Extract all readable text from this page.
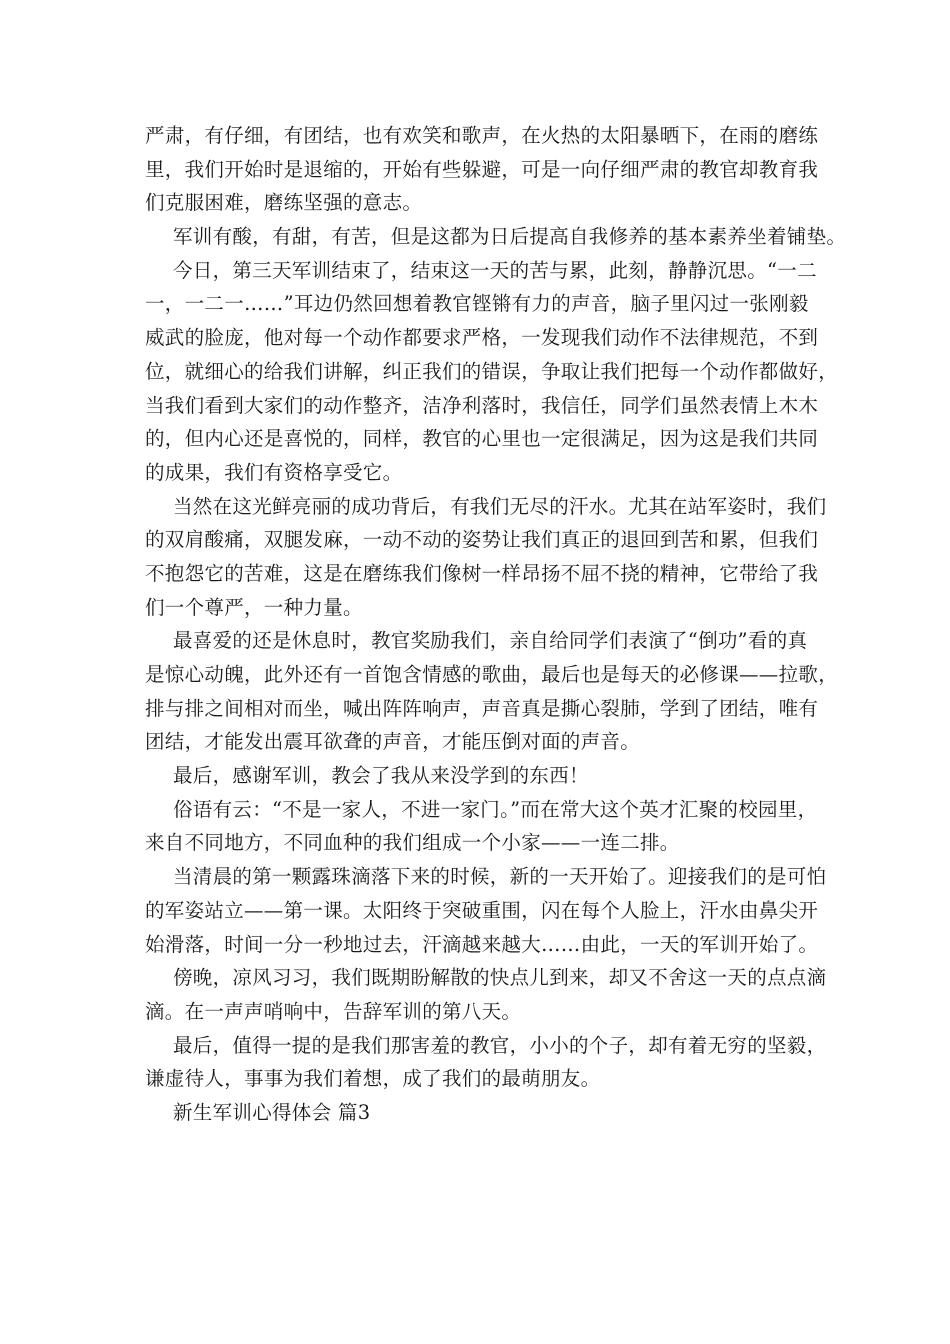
严肃，有仔细，有团结，也有欢笑和歌声，在火热的太阳暴晒下，在雨的磨练
里，我们开始时是退缩的，开始有些躲避，可是一向仔细严肃的教官却教育我
们克服困难，磨练坚强的意志。
军训有酸，有甜，有苦，但是这都为日后提高自我修养的基本素养坐着铺垫。
今日，第三天军训结束了，结束这一天的苦与累，此刻，静静沉思。“一二
一，一二一……”耳边仍然回想着教官铿锵有力的声音，脑子里闪过一张刚毅
威武的脸庞，他对每一个动作都要求严格，一发现我们动作不法律规范，不到
位，就细心的给我们讲解，纠正我们的错误，争取让我们把每一个动作都做好，
当我们看到大家们的动作整齐，洁净利落时，我信任，同学们虽然表情上木木
的，但内心还是喜悦的，同样，教官的心里也一定很满足，因为这是我们共同
的成果，我们有资格享受它。
当然在这光鲜亮丽的成功背后，有我们无尽的汗水。尤其在站军姿时，我们
的双肩酸痛，双腿发麻，一动不动的姿势让我们真正的退回到苦和累，但我们
不抱怨它的苦难，这是在磨练我们像树一样昂扬不屈不挠的精神，它带给了我
们一个尊严，一种力量。
最喜爱的还是休息时，教官奖励我们，亲自给同学们表演了“倒功”看的真
是惊心动魄，此外还有一首饱含情感的歌曲，最后也是每天的必修课——拉歌，
排与排之间相对而坐，喊出阵阵响声，声音真是撕心裂肺，学到了团结，唯有
团结，才能发出震耳欲聋的声音，才能压倒对面的声音。
最后，感谢军训，教会了我从来没学到的东西！
俗语有云：“不是一家人，不进一家门。”而在常大这个英才汇聚的校园里，
来自不同地方，不同血种的我们组成一个小家——一连二排。
当清晨的第一颗露珠滴落下来的时候，新的一天开始了。迎接我们的是可怕
的军姿站立——第一课。太阳终于突破重围，闪在每个人脸上，汗水由鼻尖开
始滑落，时间一分一秒地过去，汗滴越来越大……由此，一天的军训开始了。
傍晚，凉风习习，我们既期盼解散的快点儿到来，却又不舍这一天的点点滴
滴。在一声声哨响中，告辞军训的第八天。
最后，值得一提的是我们那害羞的教官，小小的个子，却有着无穷的坚毅，
谦虚待人，事事为我们着想，成了我们的最萌朋友。
新生军训心得体会 篇3
